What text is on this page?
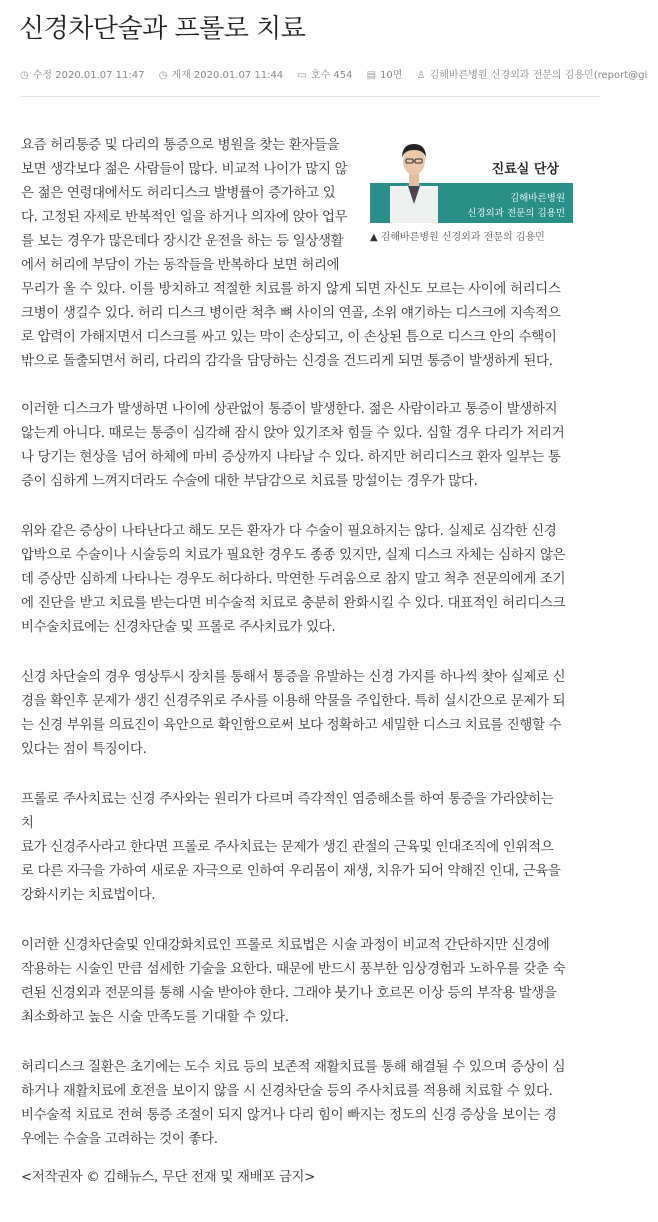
신경차단술과 프롤로 치료
◷ 수정 2020.01.07 11:47 ◷ 게재 2020.01.07 11:44 ▭ 호수 454 ▤ 10면 ♙ 김해바른병원 신경외과 전문의 김용민(report@gi
진료실 단상
김해바른병원
신경외과 전문의 김용민
▲ 김해바른병원 신경외과 전문의 김용민
요즘 허리통증 및 다리의 통증으로 병원을 찾는 환자들을
보면 생각보다 젊은 사람들이 많다. 비교적 나이가 많지 않
은 젊은 연령대에서도 허리디스크 발병률이 증가하고 있
다. 고정된 자세로 반복적인 일을 하거나 의자에 앉아 업무
를 보는 경우가 많은데다 장시간 운전을 하는 등 일상생활
에서 허리에 부담이 가는 동작들을 반복하다 보면 허리에
무리가 올 수 있다. 이를 방치하고 적절한 치료를 하지 않게 되면 자신도 모르는 사이에 허리디스
크병이 생길수 있다. 허리 디스크 병이란 척추 뼈 사이의 연골, 소위 얘기하는 디스크에 지속적으
로 압력이 가해지면서 디스크를 싸고 있는 막이 손상되고, 이 손상된 틈으로 디스크 안의 수핵이
밖으로 돌출되면서 허리, 다리의 감각을 담당하는 신경을 건드리게 되면 통증이 발생하게 된다.
이러한 디스크가 발생하면 나이에 상관없이 통증이 발생한다. 젊은 사람이라고 통증이 발생하지
않는게 아니다. 때로는 통증이 심각해 잠시 앉아 있기조차 힘들 수 있다. 심할 경우 다리가 저리거
나 당기는 현상을 넘어 하체에 마비 증상까지 나타날 수 있다. 하지만 허리디스크 환자 일부는 통
증이 심하게 느껴지더라도 수술에 대한 부담감으로 치료를 망설이는 경우가 많다.
위와 같은 증상이 나타난다고 해도 모든 환자가 다 수술이 필요하지는 않다. 실제로 심각한 신경
압박으로 수술이나 시술등의 치료가 필요한 경우도 종종 있지만, 실제 디스크 자체는 심하지 않은
데 증상만 심하게 나타나는 경우도 허다하다. 막연한 두려움으로 참지 말고 척추 전문의에게 조기
에 진단을 받고 치료를 받는다면 비수술적 치료로 충분히 완화시킬 수 있다. 대표적인 허리디스크
비수술치료에는 신경차단술 및 프롤로 주사치료가 있다.
신경 차단술의 경우 영상투시 장치를 통해서 통증을 유발하는 신경 가지를 하나씩 찾아 실제로 신
경을 확인후 문제가 생긴 신경주위로 주사를 이용해 약물을 주입한다. 특히 실시간으로 문제가 되
는 신경 부위를 의료진이 육안으로 확인함으로써 보다 정확하고 세밀한 디스크 치료를 진행할 수
있다는 점이 특징이다.
프롤로 주사치료는 신경 주사와는 원리가 다르며 즉각적인 염증해소를 하여 통증을 가라앉히는
치
료가 신경주사라고 한다면 프롤로 주사치료는 문제가 생긴 관절의 근육및 인대조직에 인위적으
로 다른 자극을 가하여 새로운 자극으로 인하여 우리몸이 재생, 치유가 되어 약해진 인대, 근육을
강화시키는 치료법이다.
이러한 신경차단술및 인대강화치료인 프롤로 치료법은 시술 과정이 비교적 간단하지만 신경에
작용하는 시술인 만큼 섬세한 기술을 요한다. 때문에 반드시 풍부한 임상경험과 노하우를 갖춘 숙
련된 신경외과 전문의를 통해 시술 받아야 한다. 그래야 붓기나 호르몬 이상 등의 부작용 발생을
최소화하고 높은 시술 만족도를 기대할 수 있다.
허리디스크 질환은 초기에는 도수 치료 등의 보존적 재활치료를 통해 해결될 수 있으며 증상이 심
하거나 재활치료에 호전을 보이지 않을 시 신경차단술 등의 주사치료를 적용해 치료할 수 있다.
비수술적 치료로 전혀 통증 조절이 되지 않거나 다리 힘이 빠지는 정도의 신경 증상을 보이는 경
우에는 수술을 고려하는 것이 좋다.
<저작권자 © 김해뉴스, 무단 전재 및 재배포 금지>
